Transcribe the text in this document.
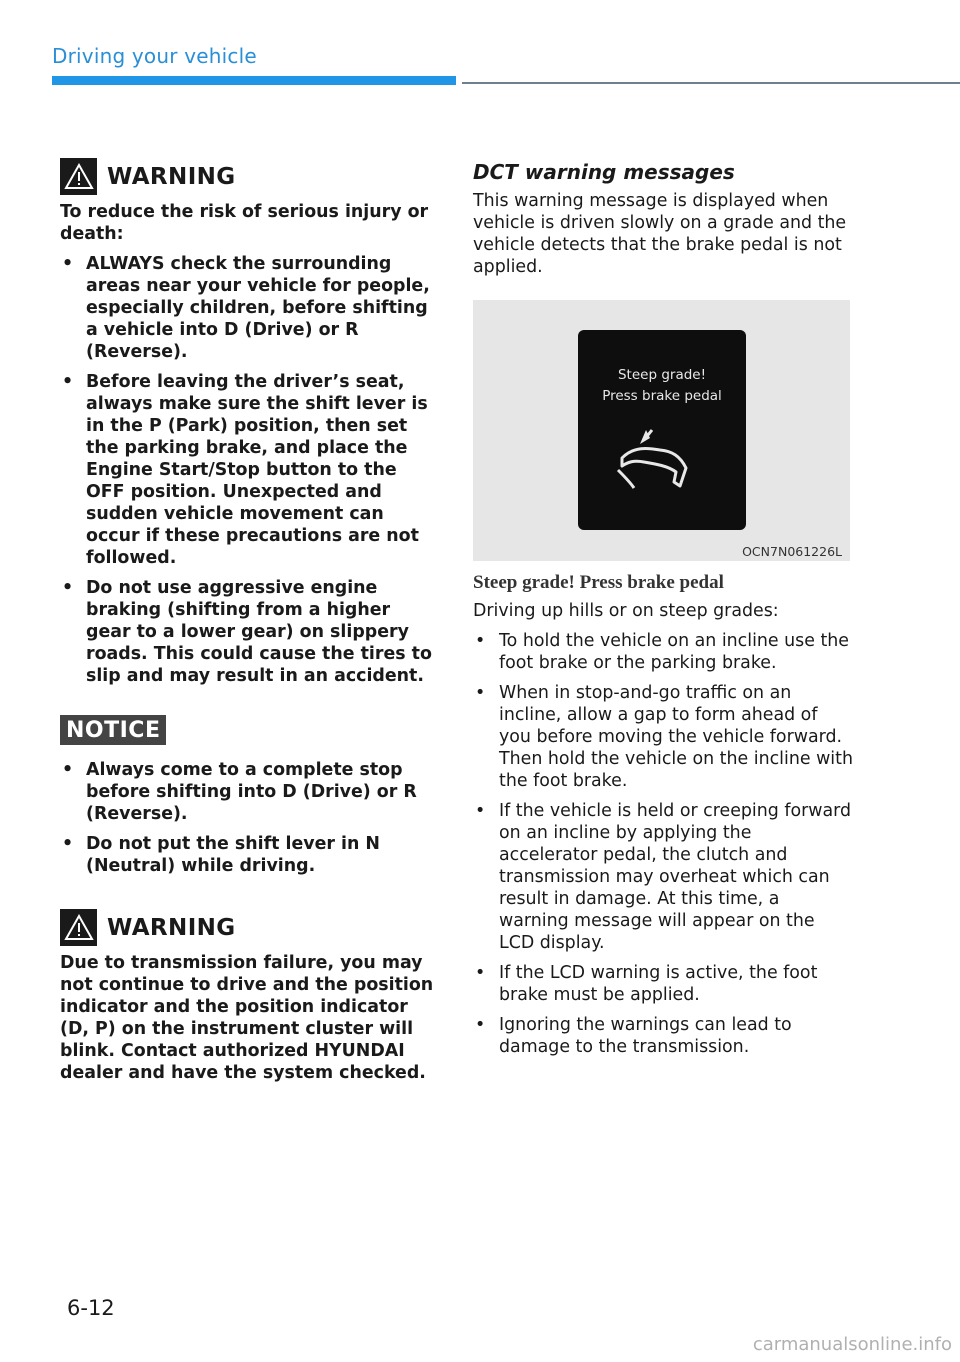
Driving your vehicle
WARNING

To reduce the risk of serious injury or death:

• ALWAYS check the surrounding areas near your vehicle for people, especially children, before shifting a vehicle into D (Drive) or R (Reverse).
• Before leaving the driver’s seat, always make sure the shift lever is in the P (Park) position, then set the parking brake, and place the Engine Start/Stop button to the OFF position. Unexpected and sudden vehicle movement can occur if these precautions are not followed.
• Do not use aggressive engine braking (shifting from a higher gear to a lower gear) on slippery roads. This could cause the tires to slip and may result in an accident.
NOTICE
• Always come to a complete stop before shifting into D (Drive) or R (Reverse).
• Do not put the shift lever in N (Neutral) while driving.
WARNING

Due to transmission failure, you may not continue to drive and the position indicator and the position indicator (D, P) on the instrument cluster will blink. Contact authorized HYUNDAI dealer and have the system checked.

DCT warning messages

This warning message is displayed when vehicle is driven slowly on a grade and the vehicle detects that the brake pedal is not applied.

Steep grade!
Press brake pedal
OCN7N061226L
Steep grade! Press brake pedal

Driving up hills or on steep grades:

• To hold the vehicle on an incline use the foot brake or the parking brake.
• When in stop-and-go traffic on an incline, allow a gap to form ahead of you before moving the vehicle forward. Then hold the vehicle on the incline with the foot brake.
• If the vehicle is held or creeping forward on an incline by applying the accelerator pedal, the clutch and transmission may overheat which can result in damage. At this time, a warning message will appear on the LCD display.
• If the LCD warning is active, the foot brake must be applied.
• Ignoring the warnings can lead to damage to the transmission.
6-12
carmanualsonline.info
